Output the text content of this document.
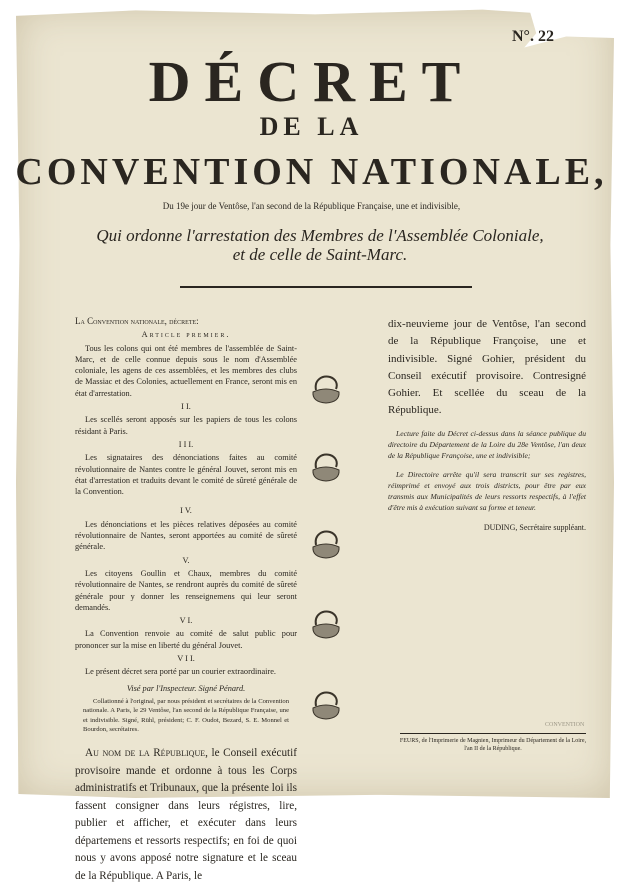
N°. 22
DÉCRET
DE LA
CONVENTION NATIONALE,
Du 19e jour de Ventôse, l'an second de la République Française, une et indivisible,
Qui ordonne l'arrestation des Membres de l'Assemblée Coloniale, et de celle de Saint-Marc.

La Convention nationale, décrete:

Article premier.

Tous les colons qui ont été membres de l'assemblée de Saint-Marc, et de celle connue depuis sous le nom d'Assemblée coloniale, les agens de ces assemblées, et les membres des clubs de Massiac et des Colonies, actuellement en France, seront mis en état d'arrestation.

I I.

Les scellés seront apposés sur les papiers de tous les colons résidant à Paris.

I I I.

Les signataires des dénonciations faites au comité révolutionnaire de Nantes contre le général Jouvet, seront mis en état d'arrestation et traduits devant le comité de sûreté générale de la Convention.

I V.

Les dénonciations et les pièces relatives déposées au comité révolutionnaire de Nantes, seront apportées au comité de sûreté générale.

V.

Les citoyens Goullin et Chaux, membres du comité révolutionnaire de Nantes, se rendront auprès du comité de sûreté générale pour y donner les renseignemens qui leur seront demandés.

V I.

La Convention renvoie au comité de salut public pour prononcer sur la mise en liberté du général Jouvet.

V I I.

Le présent décret sera porté par un courier extraordinaire.

Visé par l'Inspecteur. Signé Pénard.

Collationné à l'original, par nous président et secrétaires de la Convention nationale. A Paris, le 29 Ventôse, l'an second de la République Française, une et indivisible. Signé, Rühl, président; C. F. Oudot, Bezard, S. E. Monnel et Bourdon, secrétaires.

Au nom de la République, le Conseil exécutif provisoire mande et ordonne à tous les Corps administratifs et Tribunaux, que la présente loi ils fassent consigner dans leurs régistres, lire, publier et afficher, et exécuter dans leurs départemens et ressorts respectifs; en foi de quoi nous y avons apposé notre signature et le sceau de la République. A Paris, le

dix-neuvieme jour de Ventôse, l'an second de la République Françoise, une et indivisible. Signé Gohier, président du Conseil exécutif provisoire. Contresigné Gohier. Et scellée du sceau de la République.

Lecture faite du Décret ci-dessus dans la séance publique du directoire du Département de la Loire du 28e Ventôse, l'an deux de la République Françoise, une et indivisible;

Le Directoire arrête qu'il sera transcrit sur ses registres, réimprimé et envoyé aux trois districts, pour être par eux transmis aux Municipalités de leurs ressorts respectifs, à l'effet d'être mis à exécution suivant sa forme et teneur.

DUDING, Secrétaire suppléant.

CONVENTION
FEURS, de l'Imprimerie de Magnien, Imprimeur du Département de la Loire, l'an II de la République.
